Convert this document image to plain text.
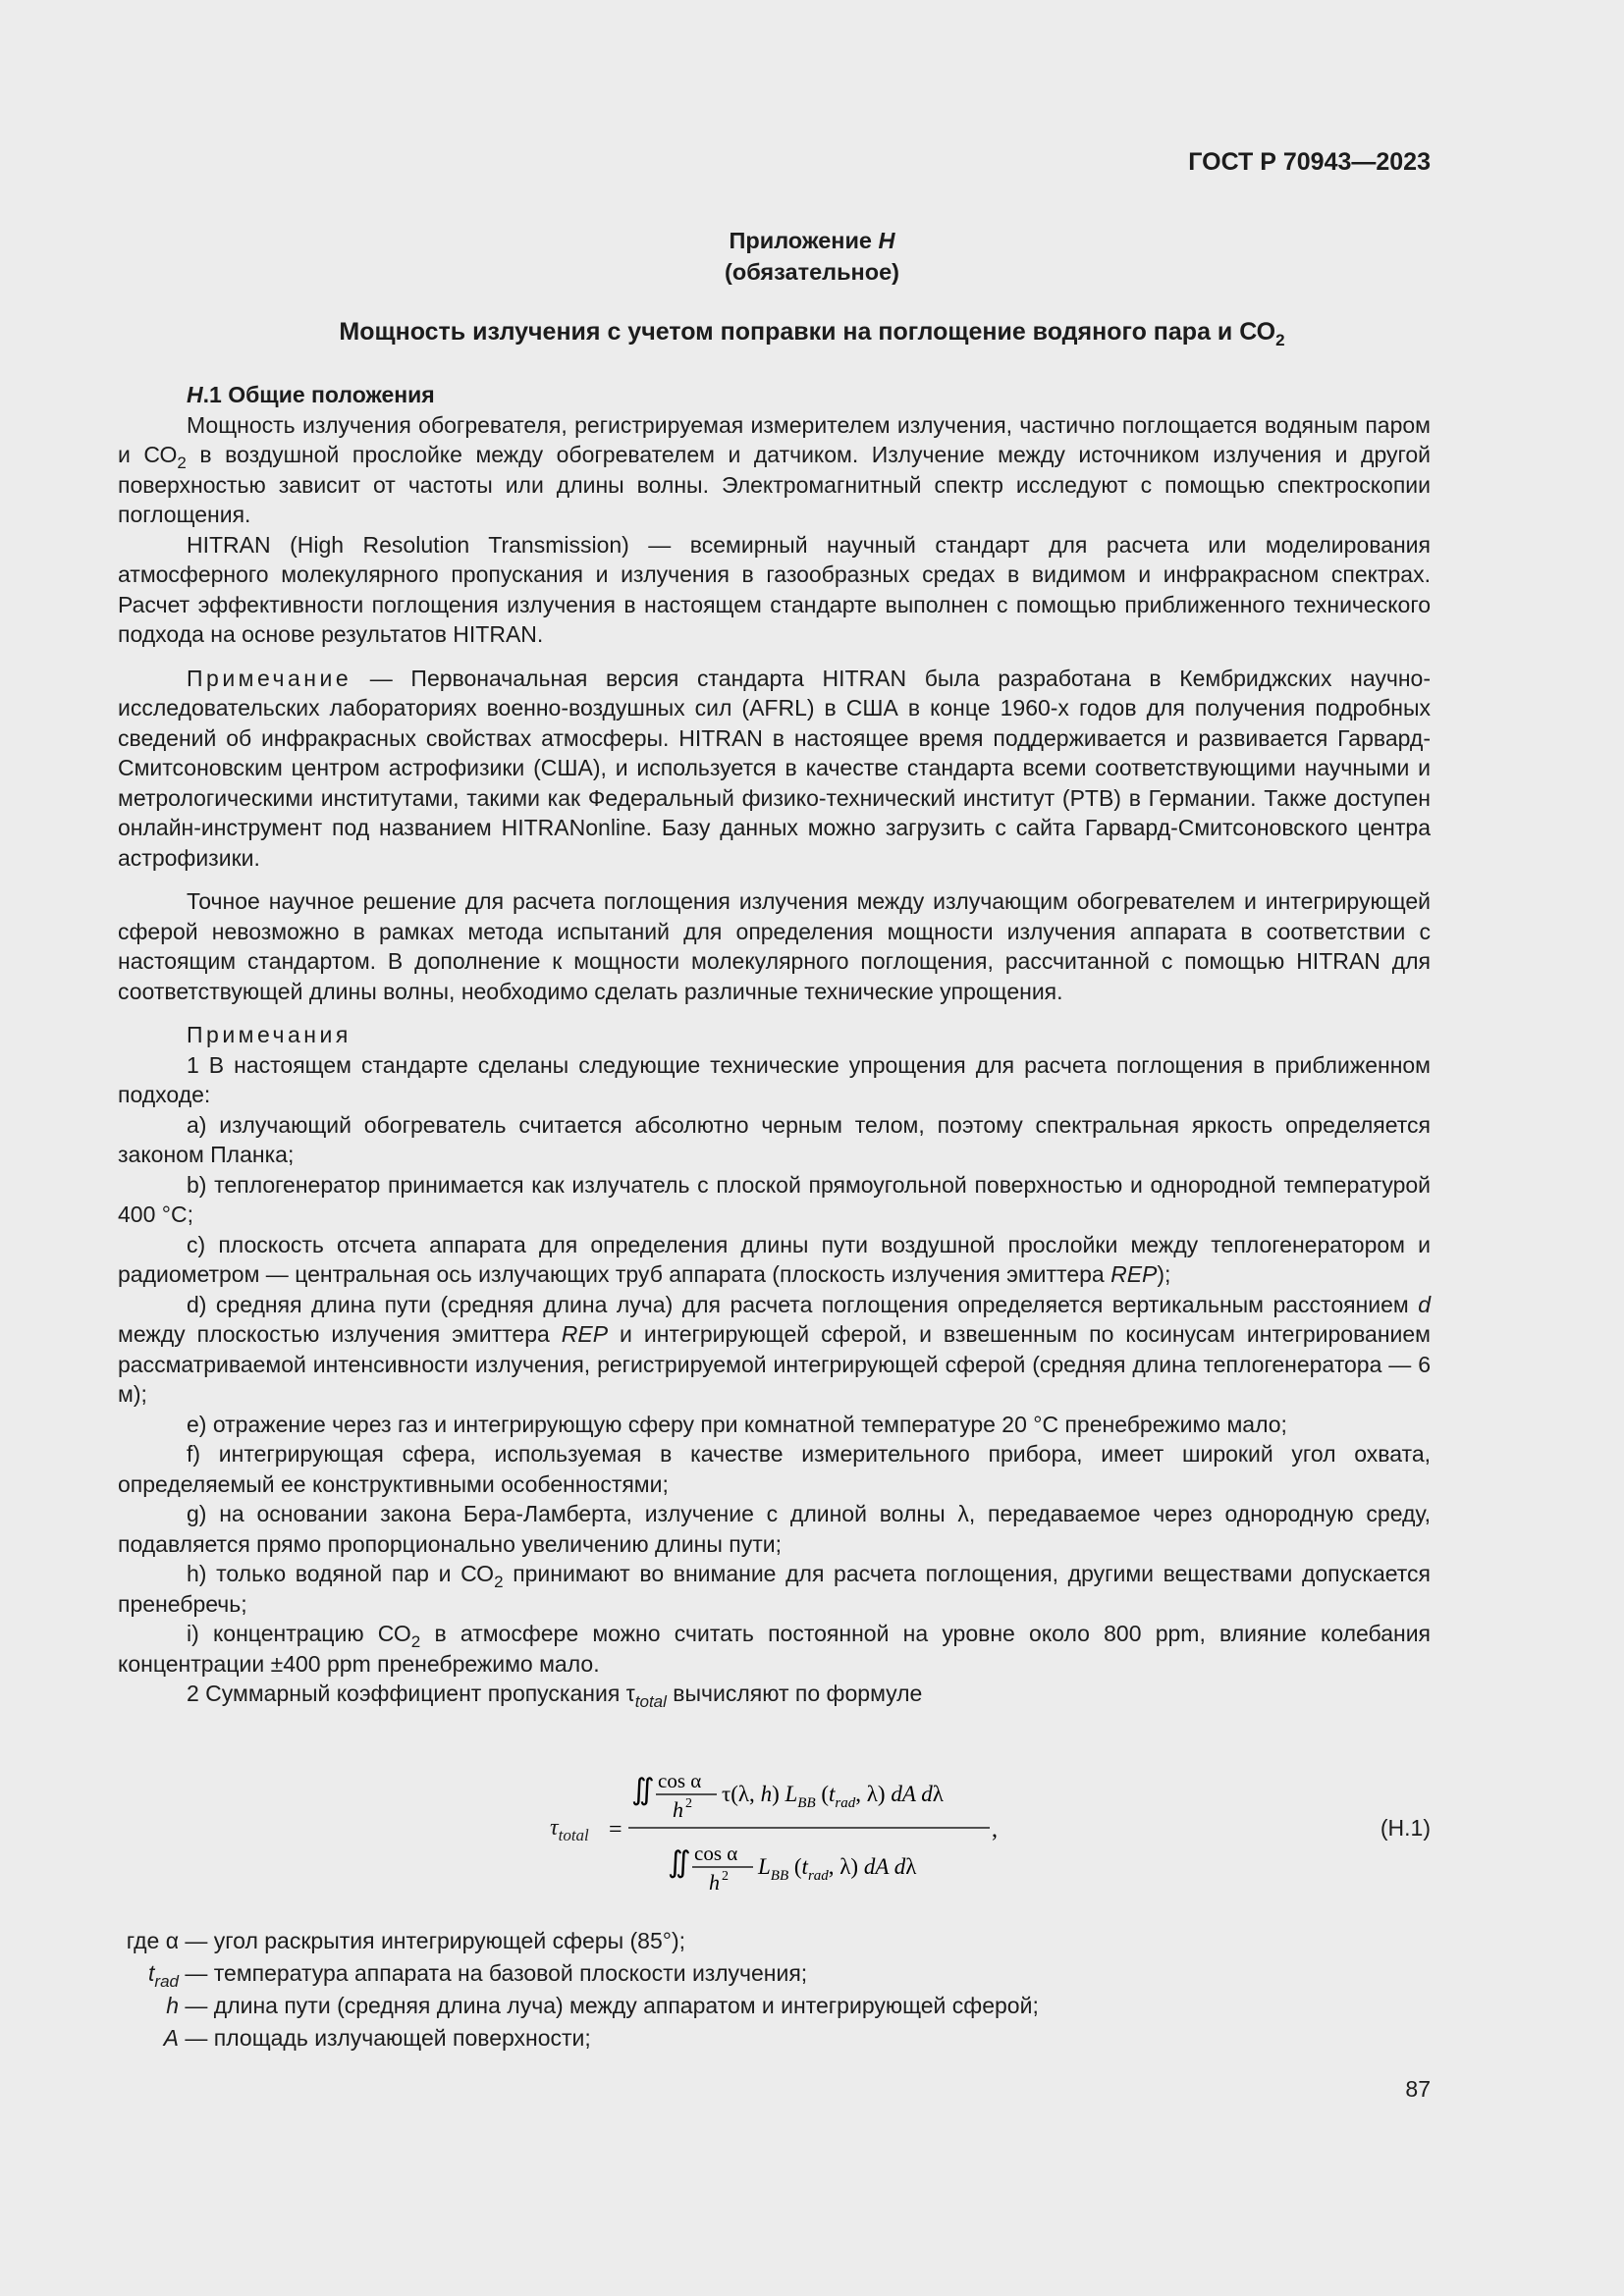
ГОСТ Р 70943—2023
Приложение Н
(обязательное)
Мощность излучения с учетом поправки на поглощение водяного пара и $СО_2$

Н.1 Общие положения

Мощность излучения обогревателя, регистрируемая измерителем излучения, частично поглощается водяным паром и $СО_2$ в воздушной прослойке между обогревателем и датчиком. Излучение между источником излучения и другой поверхностью зависит от частоты или длины волны. Электромагнитный спектр исследуют с помощью спектроскопии поглощения.

HITRAN (High Resolution Transmission) — всемирный научный стандарт для расчета или моделирования атмосферного молекулярного пропускания и излучения в газообразных средах в видимом и инфракрасном спектрах. Расчет эффективности поглощения излучения в настоящем стандарте выполнен с помощью приближенного технического подхода на основе результатов HITRAN.

Примечание — Первоначальная версия стандарта HITRAN была разработана в Кембриджских научно-исследовательских лабораториях военно-воздушных сил (AFRL) в США в конце 1960-х годов для получения подробных сведений об инфракрасных свойствах атмосферы. HITRAN в настоящее время поддерживается и развивается Гарвард-Смитсоновским центром астрофизики (США), и используется в качестве стандарта всеми соответствующими научными и метрологическими институтами, такими как Федеральный физико-технический институт (PTB) в Германии. Также доступен онлайн-инструмент под названием HITRANonline. Базу данных можно загрузить с сайта Гарвард-Смитсоновского центра астрофизики.

Точное научное решение для расчета поглощения излучения между излучающим обогревателем и интегрирующей сферой невозможно в рамках метода испытаний для определения мощности излучения аппарата в соответствии с настоящим стандартом. В дополнение к мощности молекулярного поглощения, рассчитанной с помощью HITRAN для соответствующей длины волны, необходимо сделать различные технические упрощения.

Примечания

1 В настоящем стандарте сделаны следующие технические упрощения для расчета поглощения в приближенном подходе:

a) излучающий обогреватель считается абсолютно черным телом, поэтому спектральная яркость определяется законом Планка;

b) теплогенератор принимается как излучатель с плоской прямоугольной поверхностью и однородной температурой 400 °С;

c) плоскость отсчета аппарата для определения длины пути воздушной прослойки между теплогенератором и радиометром — центральная ось излучающих труб аппарата (плоскость излучения эмиттера REP);

d) средняя длина пути (средняя длина луча) для расчета поглощения определяется вертикальным расстоянием d между плоскостью излучения эмиттера REP и интегрирующей сферой, и взвешенным по косинусам интегрированием рассматриваемой интенсивности излучения, регистрируемой интегрирующей сферой (средняя длина теплогенератора — 6 м);

e) отражение через газ и интегрирующую сферу при комнатной температуре 20 °С пренебрежимо мало;

f) интегрирующая сфера, используемая в качестве измерительного прибора, имеет широкий угол охвата, определяемый ее конструктивными особенностями;

g) на основании закона Бера-Ламберта, излучение с длиной волны λ, передаваемое через однородную среду, подавляется прямо пропорционально увеличению длины пути;

h) только водяной пар и $СО_2$ принимают во внимание для расчета поглощения, другими веществами допускается пренебречь;

i) концентрацию $СО_2$ в атмосфере можно считать постоянной на уровне около 800 ppm, влияние колебания концентрации ±400 ppm пренебрежимо мало.

2 Суммарный коэффициент пропускания $\tau_{total}$ вычисляют по формуле

$\tau_{total}$ =
∬ cos α
h 2 τ(λ, h) $L_{BB}$ ($t_{rad}$, λ) dA dλ
,
∬ cos α
h 2 $L_{BB}$ ($t_{rad}$, λ) dA dλ
(Н.1)
где α — угол раскрытия интегрирующей сферы (85°);
$t_{rad}$ — температура аппарата на базовой плоскости излучения;
h — длина пути (средняя длина луча) между аппаратом и интегрирующей сферой;
A — площадь излучающей поверхности;
87
